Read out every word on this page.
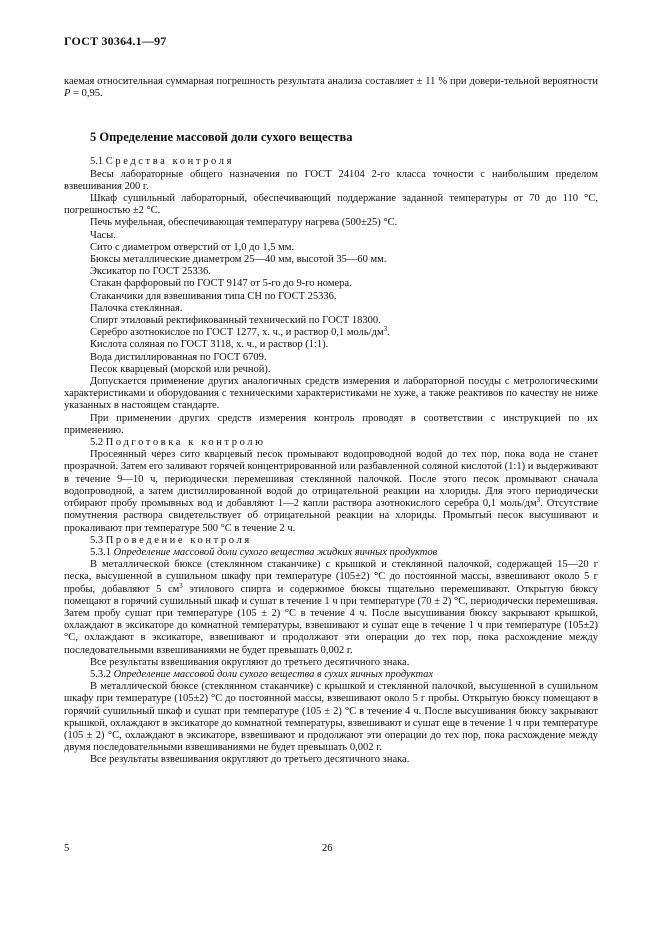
ГОСТ 30364.1—97

каемая относительная суммарная погрешность результата анализа составляет ± 11 % при довери-тельной вероятности P = 0,95.

5 Определение массовой доли сухого вещества

5.1 Средства контроля

Весы лабораторные общего назначения по ГОСТ 24104 2-го класса точности с наибольшим пределом взвешивания 200 г.

Шкаф сушильный лабораторный, обеспечивающий поддержание заданной температуры от 70 до 110 °С, погрешностью ±2 °С.

Печь муфельная, обеспечивающая температуру нагрева (500±25) °С.

Часы.

Сито с диаметром отверстий от 1,0 до 1,5 мм.

Бюксы металлические диаметром 25—40 мм, высотой 35—60 мм.

Эксикатор по ГОСТ 25336.

Стакан фарфоровый по ГОСТ 9147 от 5-го до 9-го номера.

Стаканчики для взвешивания типа СН по ГОСТ 25336.

Палочка стеклянная.

Спирт этиловый ректификованный технический по ГОСТ 18300.

Серебро азотнокислое по ГОСТ 1277, х. ч., и раствор 0,1 моль/$дм^3$.

Кислота соляная по ГОСТ 3118, х. ч., и раствор (1:1).

Вода дистиллированная по ГОСТ 6709.

Песок кварцевый (морской или речной).

Допускается применение других аналогичных средств измерения и лабораторной посуды с метрологическими характеристиками и оборудования с техническими характеристиками не хуже, а также реактивов по качеству не ниже указанных в настоящем стандарте.

При применении других средств измерения контроль проводят в соответствии с инструкцией по их применению.

5.2 Подготовка к контролю

Просеянный через сито кварцевый песок промывают водопроводной водой до тех пор, пока вода не станет прозрачной. Затем его заливают горячей концентрированной или разбавленной соляной кислотой (1:1) и выдерживают в течение 9—10 ч, периодически перемешивая стеклянной палочкой. После этого песок промывают сначала водопроводной, а затем дистиллированной водой до отрицательной реакции на хлориды. Для этого периодически отбирают пробу промывных вод и добавляют 1—2 капли раствора азотнокислого серебра 0,1 моль/$дм^3$. Отсутствие помутнения раствора свидетельствует об отрицательной реакции на хлориды. Промытый песок высушивают и прокаливают при температуре 500 °С в течение 2 ч.

5.3 Проведение контроля

5.3.1 Определение массовой доли сухого вещества жидких яичных продуктов

В металлической бюксе (стеклянном стаканчике) с крышкой и стеклянной палочкой, содержащей 15—20 г песка, высушенной в сушильном шкафу при температуре (105±2) °С до постоянной массы, взвешивают около 5 г пробы, добавляют 5 $см^3$ этилового спирта и содержимое бюксы тщательно перемешивают. Открытую бюксу помещают в горячий сушильный шкаф и сушат в течение 1 ч при температуре (70 ± 2) °С, периодически перемешивая. Затем пробу сушат при температуре (105 ± 2) °С в течение 4 ч. После высушивания бюксу закрывают крышкой, охлаждают в эксикаторе до комнатной температуры, взвешивают и сушат еще в течение 1 ч при температуре (105±2) °С, охлаждают в эксикаторе, взвешивают и продолжают эти операции до тех пор, пока расхождение между последовательными взвешиваниями не будет превышать 0,002 г.

Все результаты взвешивания округляют до третьего десятичного знака.

5.3.2 Определение массовой доли сухого вещества в сухих яичных продуктах

В металлической бюксе (стеклянном стаканчике) с крышкой и стеклянной палочкой, высушенной в сушильном шкафу при температуре (105±2) °С до постоянной массы, взвешивают около 5 г пробы. Открытую бюксу помещают в горячий сушильный шкаф и сушат при температуре (105 ± 2) °С в течение 4 ч. После высушивания бюксу закрывают крышкой, охлаждают в эксикаторе до комнатной температуры, взвешивают и сушат еще в течение 1 ч при температуре (105 ± 2) °С, охлаждают в эксикаторе, взвешивают и продолжают эти операции до тех пор, пока расхождение между двумя последовательными взвешиваниями не будет превышать 0,002 г.

Все результаты взвешивания округляют до третьего десятичного знака.

5	26
